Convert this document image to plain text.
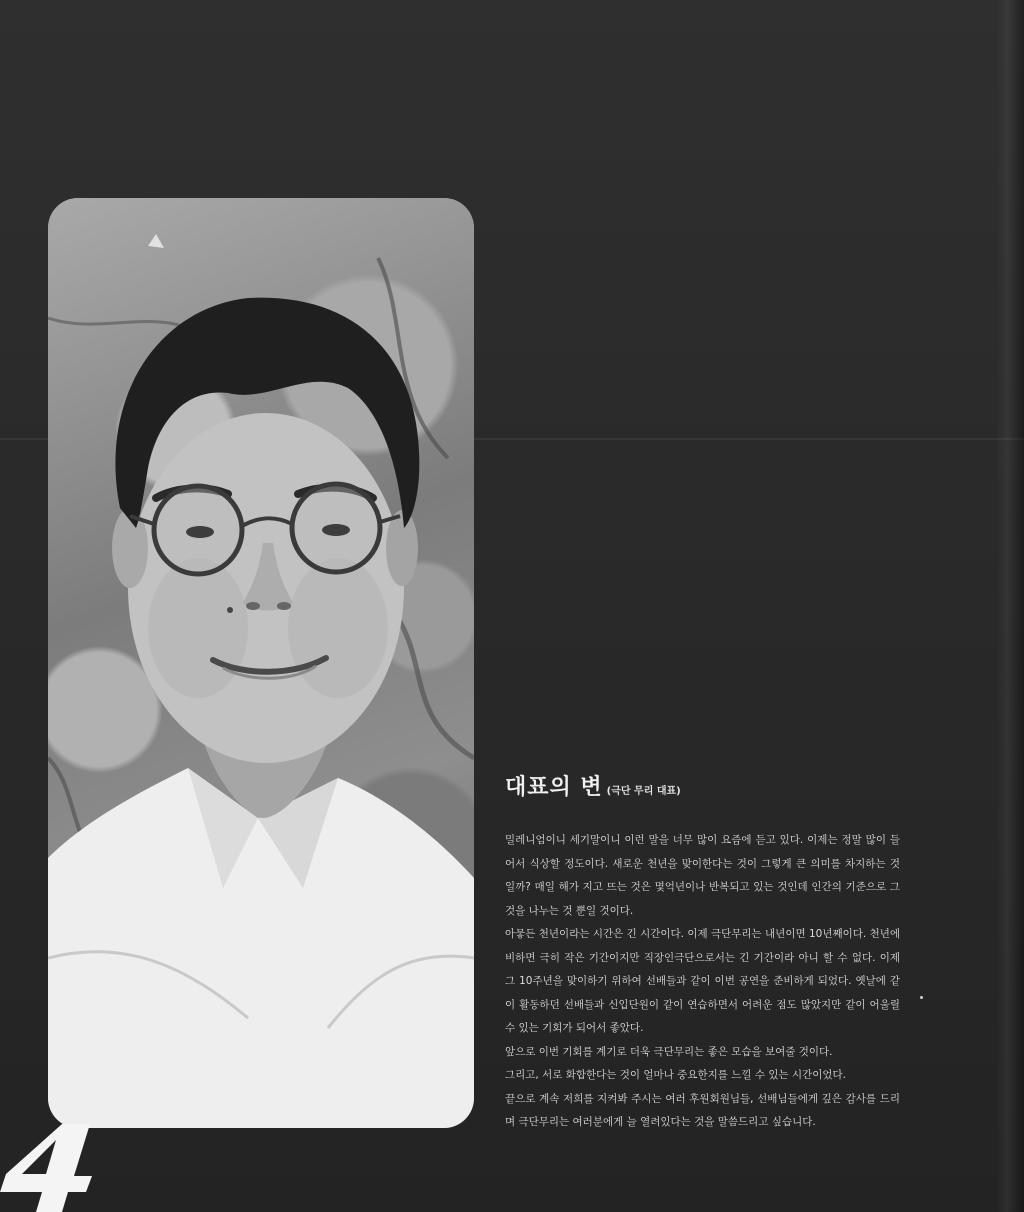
대표의 변 (극단 무리 대표)

밀레니엄이니 세기말이니 이런 말을 너무 많이 요즘에 듣고 있다. 이제는 정말 많이 들어서 식상할 정도이다. 새로운 천년을 맞이한다는 것이 그렇게 큰 의미를 차지하는 것일까? 매일 해가 지고 뜨는 것은 몇억년이나 반복되고 있는 것인데 인간의 기준으로 그것을 나누는 것 뿐일 것이다.

아뭏든 천년이라는 시간은 긴 시간이다. 이제 극단무리는 내년이면 10년째이다. 천년에 비하면 극히 작은 기간이지만 직장인극단으로서는 긴 기간이라 아니 할 수 없다. 이제 그 10주년을 맞이하기 위하여 선배들과 같이 이번 공연을 준비하게 되었다. 옛날에 같이 활동하던 선배들과 신입단원이 같이 연습하면서 어려운 점도 많았지만 같이 어울릴 수 있는 기회가 되어서 좋았다.

앞으로 이번 기회를 계기로 더욱 극단무리는 좋은 모습을 보여줄 것이다.

그리고, 서로 화합한다는 것이 얼마나 중요한지를 느낄 수 있는 시간이었다.

끝으로 계속 저희를 지켜봐 주시는 여러 후원회원님들, 선배님들에게 깊은 감사를 드리며 극단무리는 여러분에게 늘 열려있다는 것을 말씀드리고 싶습니다.
